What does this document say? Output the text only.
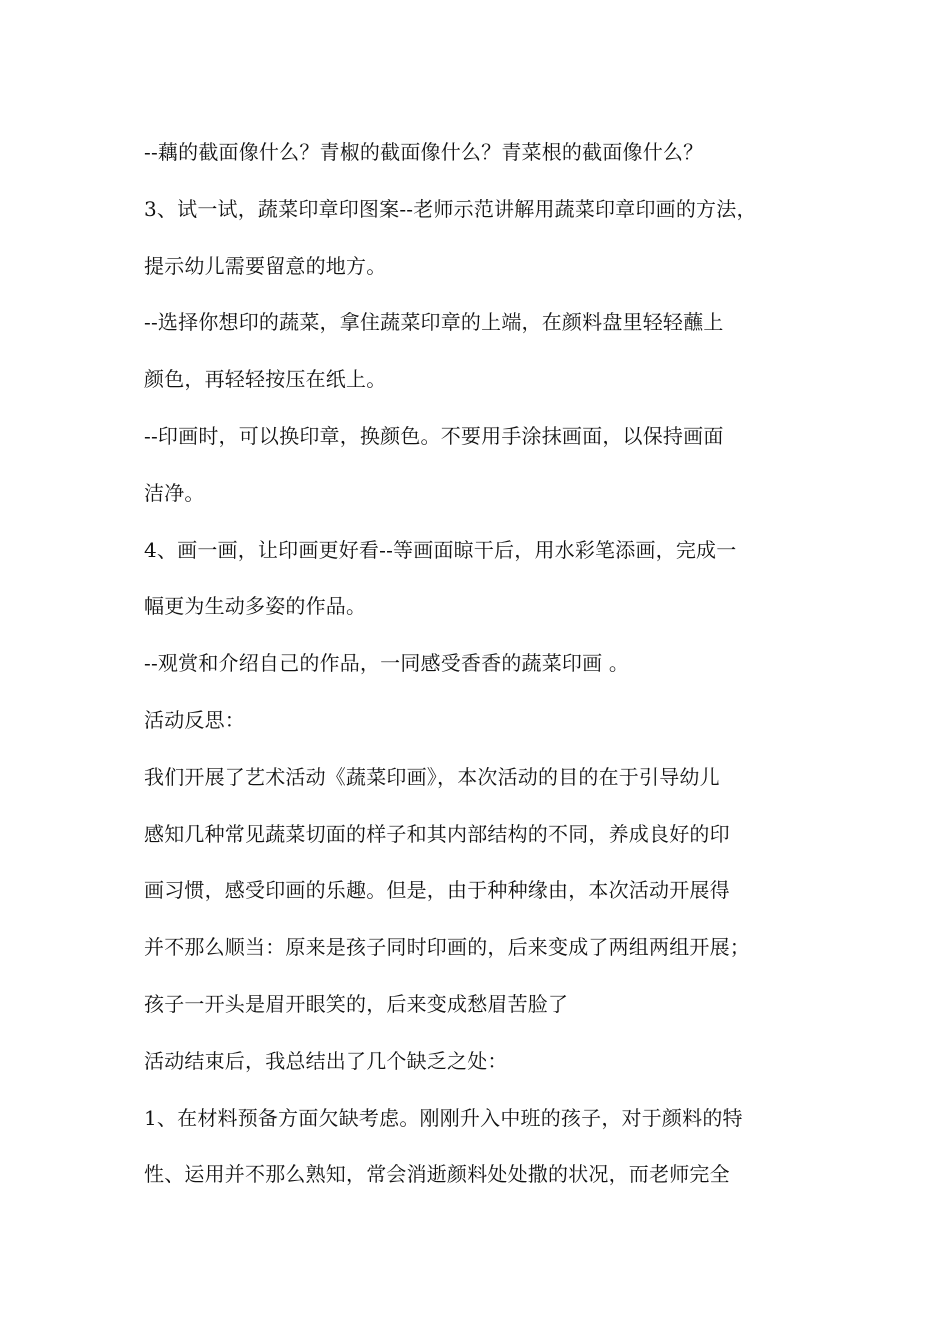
--藕的截面像什么？青椒的截面像什么？青菜根的截面像什么？
3、试一试，蔬菜印章印图案--老师示范讲解用蔬菜印章印画的方法，
提示幼儿需要留意的地方。
--选择你想印的蔬菜，拿住蔬菜印章的上端，在颜料盘里轻轻蘸上
颜色，再轻轻按压在纸上。
--印画时，可以换印章，换颜色。不要用手涂抹画面，以保持画面
洁净。
4、画一画，让印画更好看--等画面晾干后，用水彩笔添画，完成一
幅更为生动多姿的作品。
--观赏和介绍自己的作品，一同感受香香的蔬菜印画 。
活动反思：
我们开展了艺术活动《蔬菜印画》，本次活动的目的在于引导幼儿
感知几种常见蔬菜切面的样子和其内部结构的不同，养成良好的印
画习惯，感受印画的乐趣。但是，由于种种缘由，本次活动开展得
并不那么顺当：原来是孩子同时印画的，后来变成了两组两组开展；
孩子一开头是眉开眼笑的，后来变成愁眉苦脸了
活动结束后，我总结出了几个缺乏之处：
1、在材料预备方面欠缺考虑。刚刚升入中班的孩子，对于颜料的特
性、运用并不那么熟知，常会消逝颜料处处撒的状况，而老师完全
